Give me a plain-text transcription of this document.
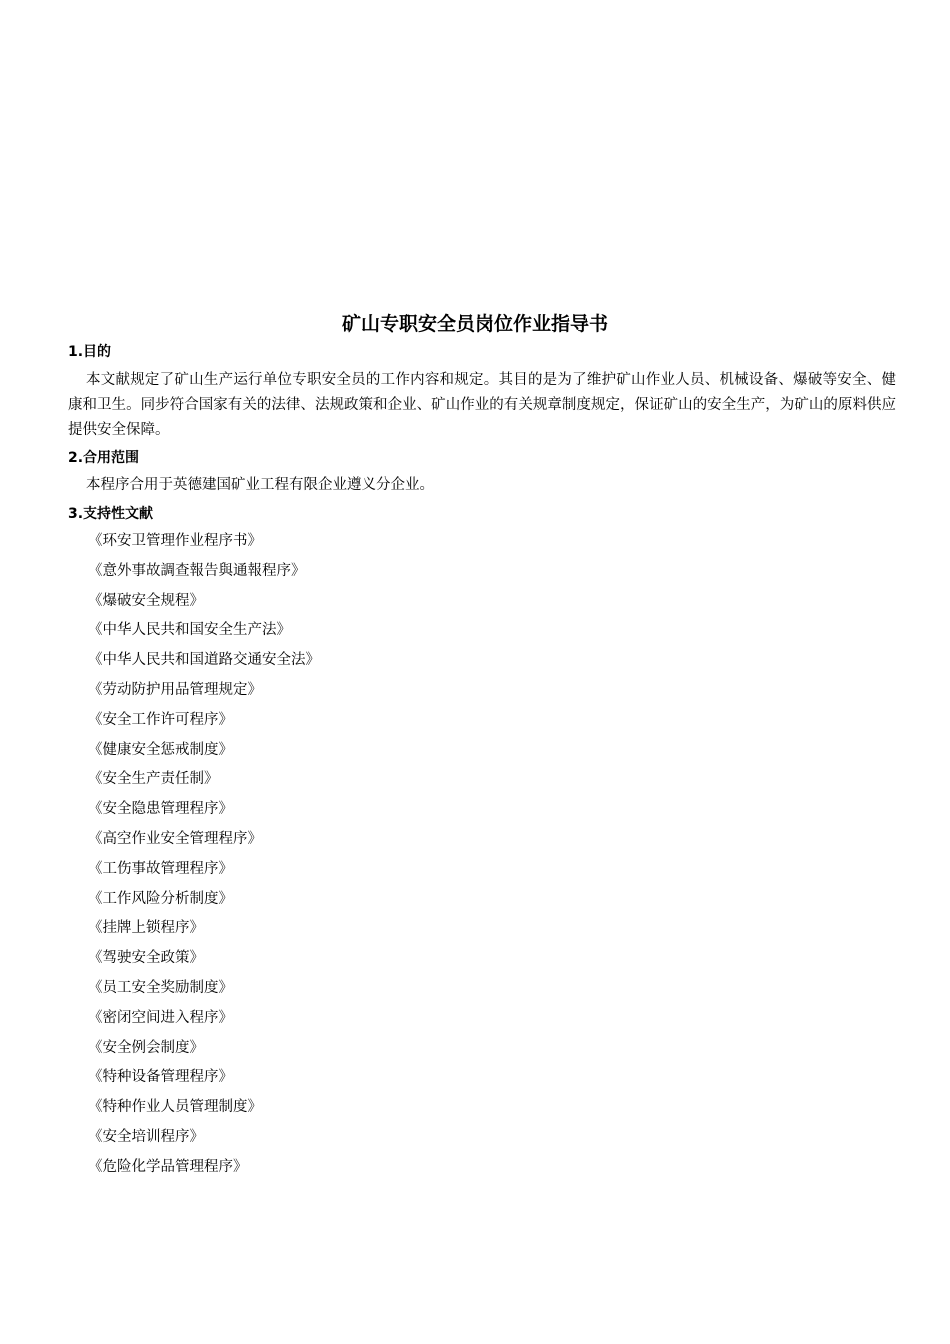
矿山专职安全员岗位作业指导书
1.目的

本文献规定了矿山生产运行单位专职安全员的工作内容和规定。其目的是为了维护矿山作业人员、机械设备、爆破等安全、健康和卫生。同步符合国家有关的法律、法规政策和企业、矿山作业的有关规章制度规定，保证矿山的安全生产，为矿山的原料供应提供安全保障。

2.合用范围

本程序合用于英德建国矿业工程有限企业遵义分企业。

3.支持性文献
《环安卫管理作业程序书》
《意外事故調查報告與通報程序》
《爆破安全规程》
《中华人民共和国安全生产法》
《中华人民共和国道路交通安全法》
《劳动防护用品管理规定》
《安全工作许可程序》
《健康安全惩戒制度》
《安全生产责任制》
《安全隐患管理程序》
《高空作业安全管理程序》
《工伤事故管理程序》
《工作风险分析制度》
《挂牌上锁程序》
《驾驶安全政策》
《员工安全奖励制度》
《密闭空间进入程序》
《安全例会制度》
《特种设备管理程序》
《特种作业人员管理制度》
《安全培训程序》
《危险化学品管理程序》
